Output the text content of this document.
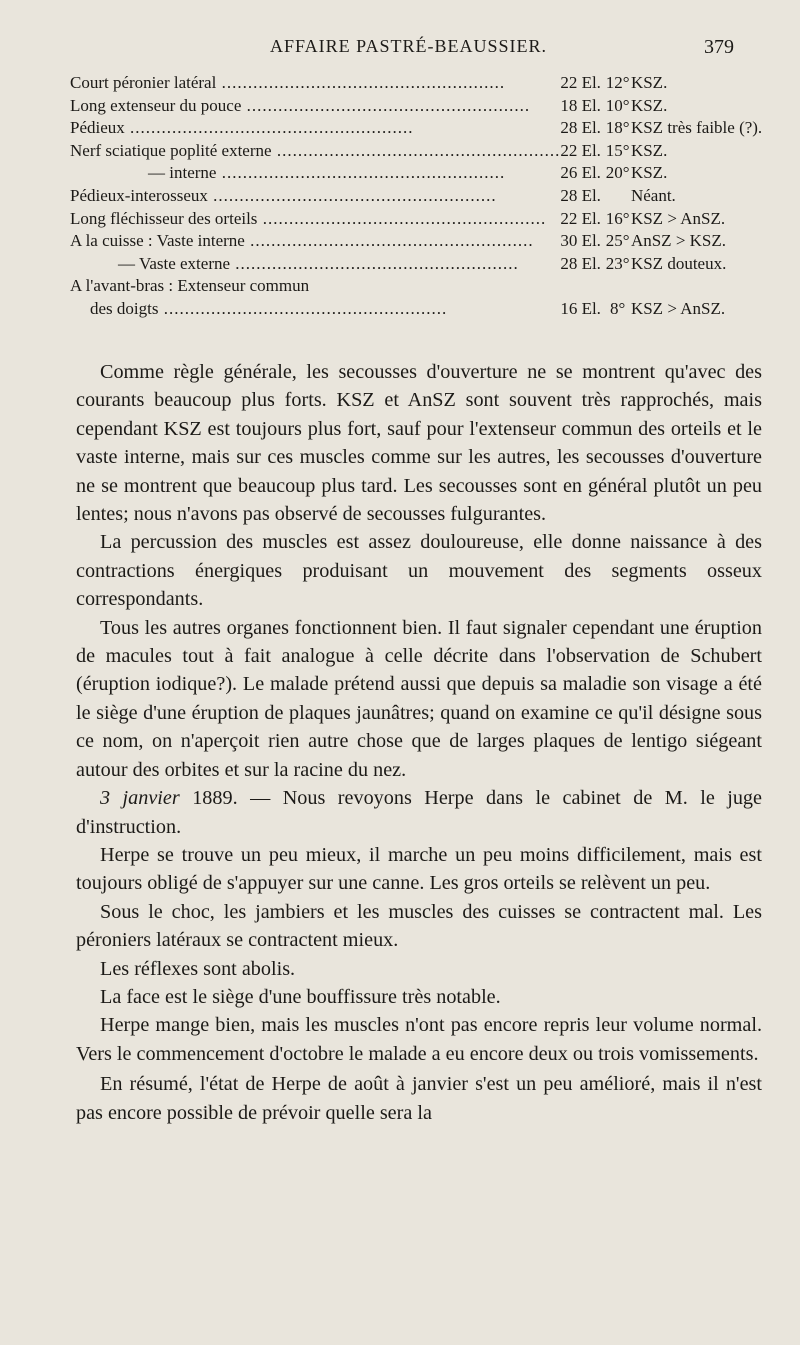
AFFAIRE PASTRÉ-BEAUSSIER.	379
Court péronier latéral .....	22 El.	12°	KSZ.
Long extenseur du pouce .....	18 El.	10°	KSZ.
Pédieux .....	28 El.	18°	KSZ très faible (?).
Nerf sciatique poplité externe .....	22 El.	15°	KSZ.
— interne .....	26 El.	20°	KSZ.
Pédieux-interosseux .....	28 El.		Néant.
Long fléchisseur des orteils .....	22 El.	16°	KSZ > AnSZ.
A la cuisse : Vaste interne .....	30 El.	25°	AnSZ > KSZ.
— Vaste externe .....	28 El.	23°	KSZ douteux.
A l'avant-bras : Extenseur commun			
des doigts .....	16 El.	8°	KSZ > AnSZ.

Comme règle générale, les secousses d'ouverture ne se montrent qu'avec des courants beaucoup plus forts. KSZ et AnSZ sont souvent très rapprochés, mais cependant KSZ est toujours plus fort, sauf pour l'extenseur commun des orteils et le vaste interne, mais sur ces muscles comme sur les autres, les secousses d'ouverture ne se montrent que beaucoup plus tard. Les secousses sont en général plutôt un peu lentes; nous n'avons pas observé de secousses fulgurantes.

La percussion des muscles est assez douloureuse, elle donne naissance à des contractions énergiques produisant un mouvement des segments osseux correspondants.

Tous les autres organes fonctionnent bien. Il faut signaler cependant une éruption de macules tout à fait analogue à celle décrite dans l'observation de Schubert (éruption iodique?). Le malade prétend aussi que depuis sa maladie son visage a été le siège d'une éruption de plaques jaunâtres; quand on examine ce qu'il désigne sous ce nom, on n'aperçoit rien autre chose que de larges plaques de lentigo siégeant autour des orbites et sur la racine du nez.

3 janvier 1889. — Nous revoyons Herpe dans le cabinet de M. le juge d'instruction.

Herpe se trouve un peu mieux, il marche un peu moins difficilement, mais est toujours obligé de s'appuyer sur une canne. Les gros orteils se relèvent un peu.

Sous le choc, les jambiers et les muscles des cuisses se contractent mal. Les péroniers latéraux se contractent mieux.

Les réflexes sont abolis.

La face est le siège d'une bouffissure très notable.

Herpe mange bien, mais les muscles n'ont pas encore repris leur volume normal. Vers le commencement d'octobre le malade a eu encore deux ou trois vomissements.

En résumé, l'état de Herpe de août à janvier s'est un peu amélioré, mais il n'est pas encore possible de prévoir quelle sera la
